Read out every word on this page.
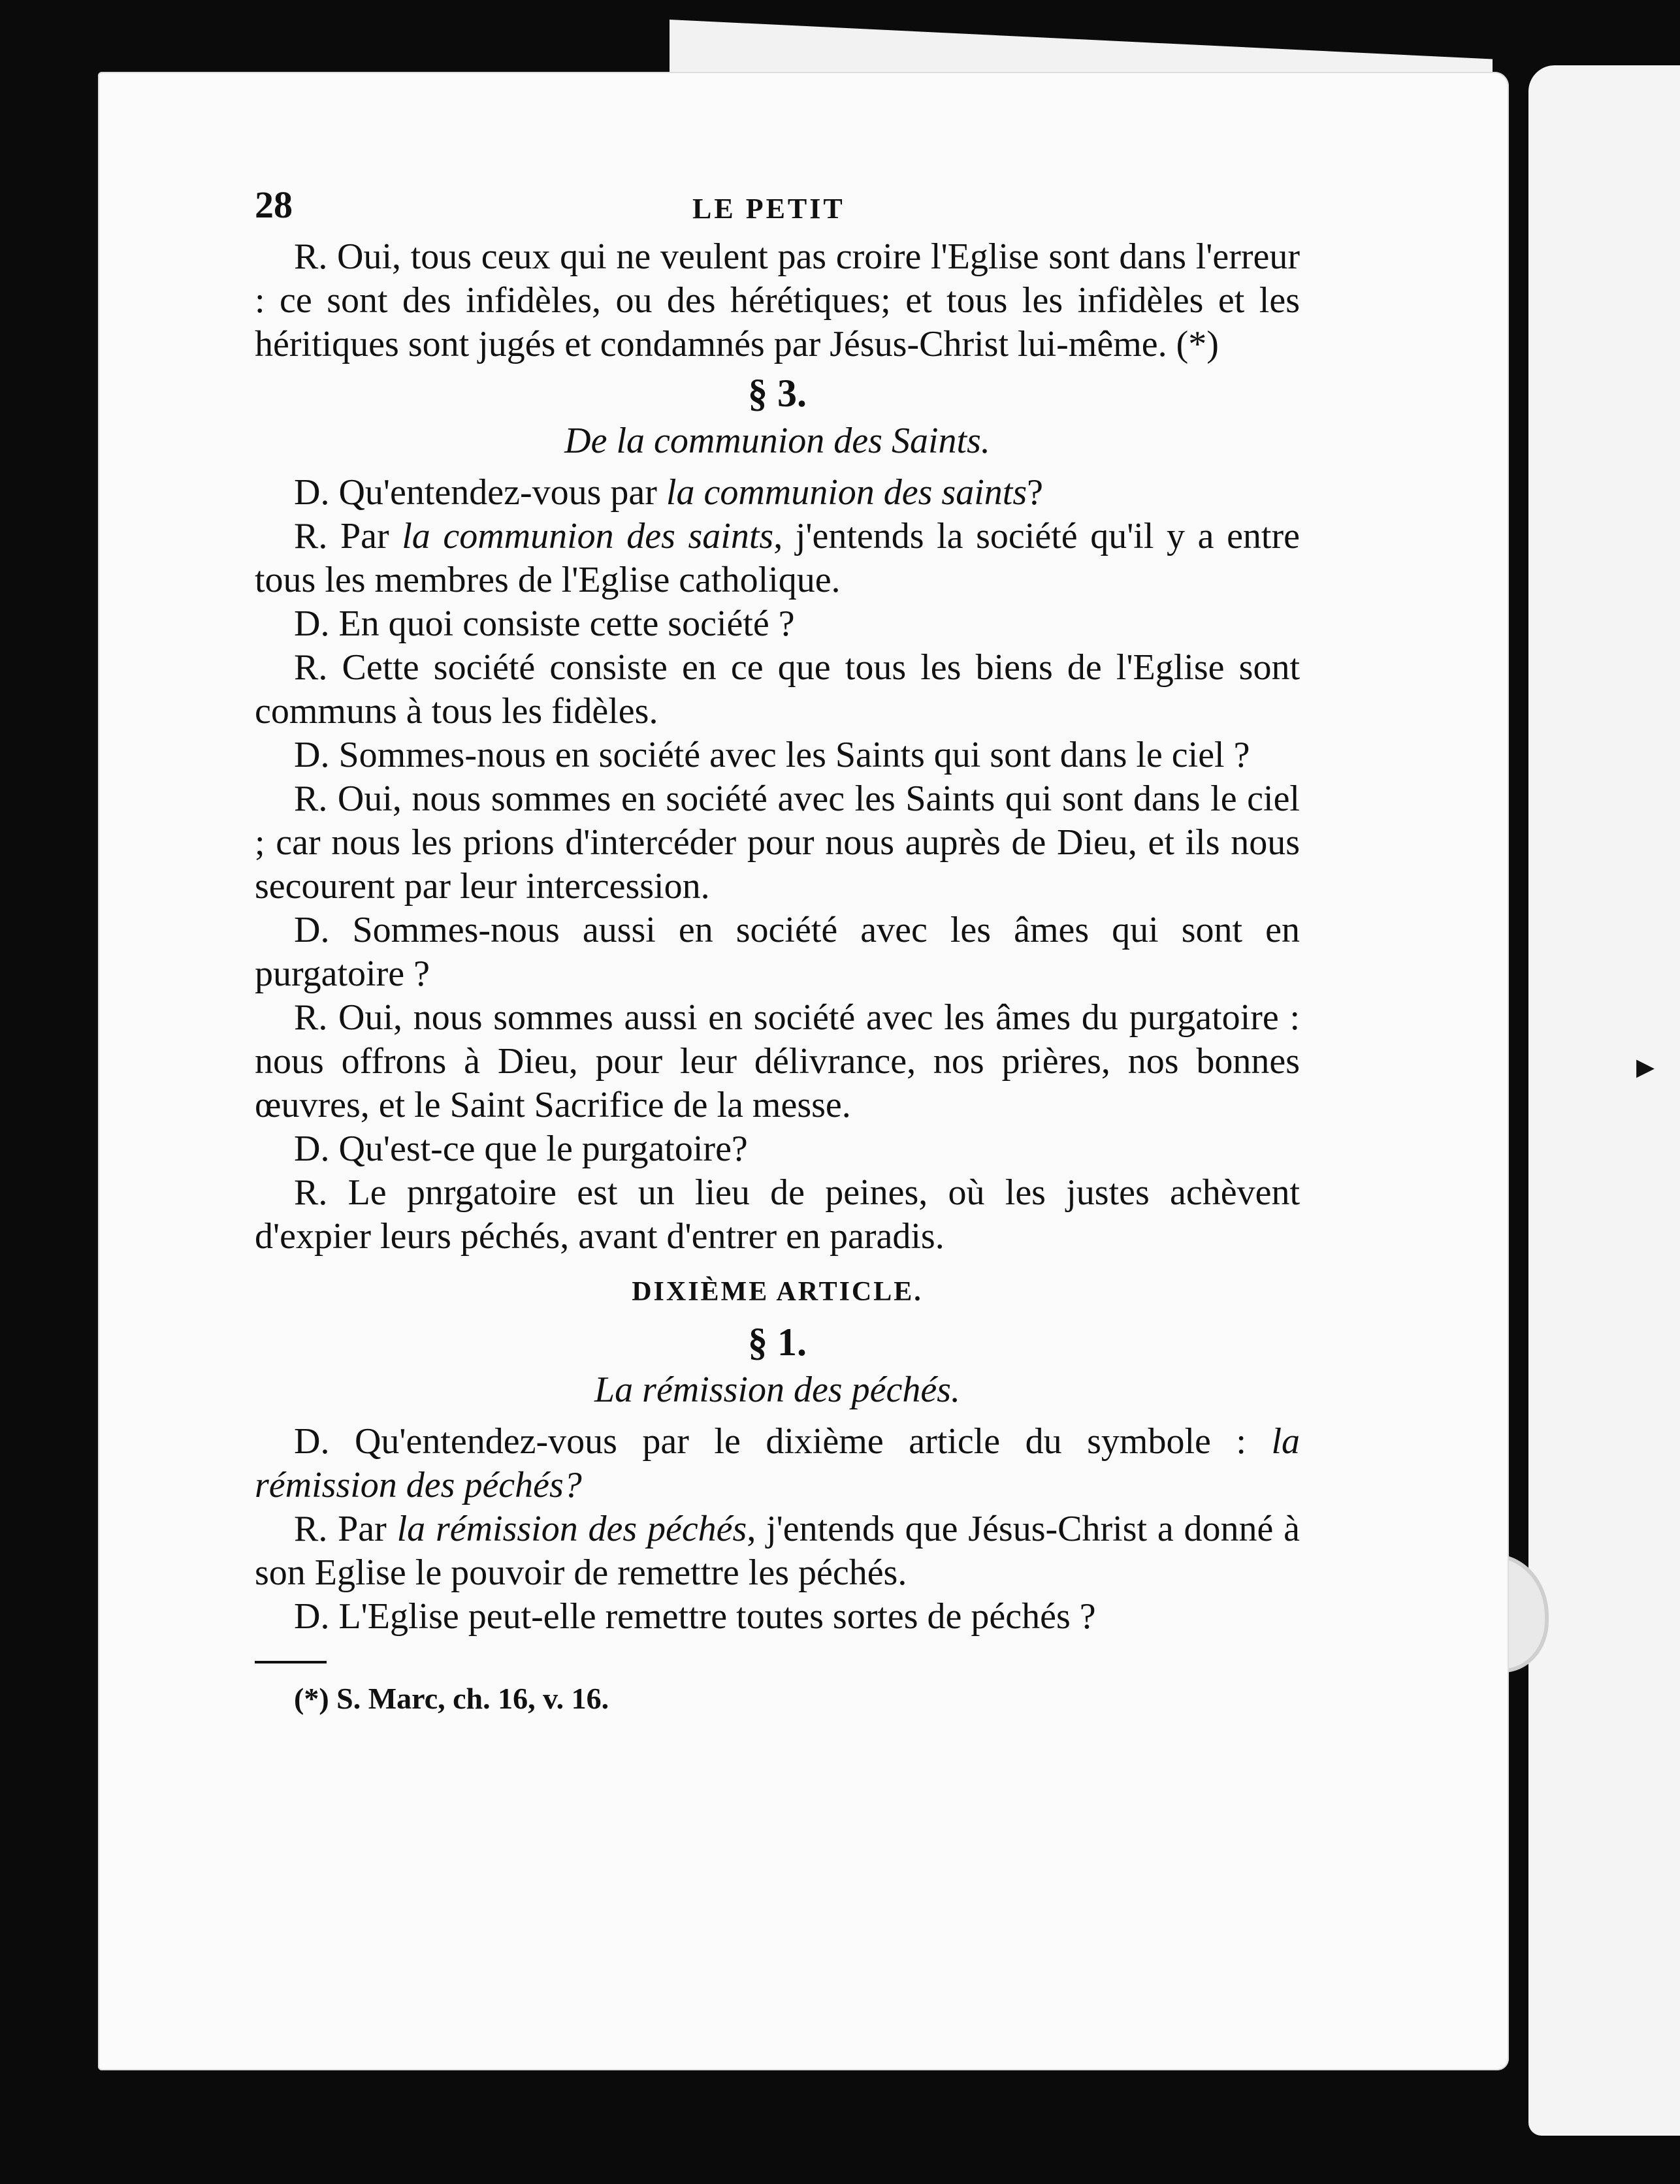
▸
28	LE PETIT

R. Oui, tous ceux qui ne veulent pas croire l'Eglise sont dans l'erreur : ce sont des infidèles, ou des hérétiques; et tous les infidèles et les héritiques sont jugés et condamnés par Jésus-Christ lui-même. (*)

§ 3.
De la communion des Saints.

D. Qu'entendez-vous par la communion des saints?

R. Par la communion des saints, j'entends la société qu'il y a entre tous les membres de l'Eglise catholique.

D. En quoi consiste cette société ?

R. Cette société consiste en ce que tous les biens de l'Eglise sont communs à tous les fidèles.

D. Sommes-nous en société avec les Saints qui sont dans le ciel ?

R. Oui, nous sommes en société avec les Saints qui sont dans le ciel ; car nous les prions d'intercéder pour nous auprès de Dieu, et ils nous secourent par leur intercession.

D. Sommes-nous aussi en société avec les âmes qui sont en purgatoire ?

R. Oui, nous sommes aussi en société avec les âmes du purgatoire : nous offrons à Dieu, pour leur délivrance, nos prières, nos bonnes œuvres, et le Saint Sacrifice de la messe.

D. Qu'est-ce que le purgatoire?

R. Le pnrgatoire est un lieu de peines, où les justes achèvent d'expier leurs péchés, avant d'entrer en paradis.

DIXIÈME ARTICLE.
§ 1.
La rémission des péchés.

D. Qu'entendez-vous par le dixième article du symbole : la rémission des péchés?

R. Par la rémission des péchés, j'entends que Jésus-Christ a donné à son Eglise le pouvoir de remettre les péchés.

D. L'Eglise peut-elle remettre toutes sortes de péchés ?

(*) S. Marc, ch. 16, v. 16.
